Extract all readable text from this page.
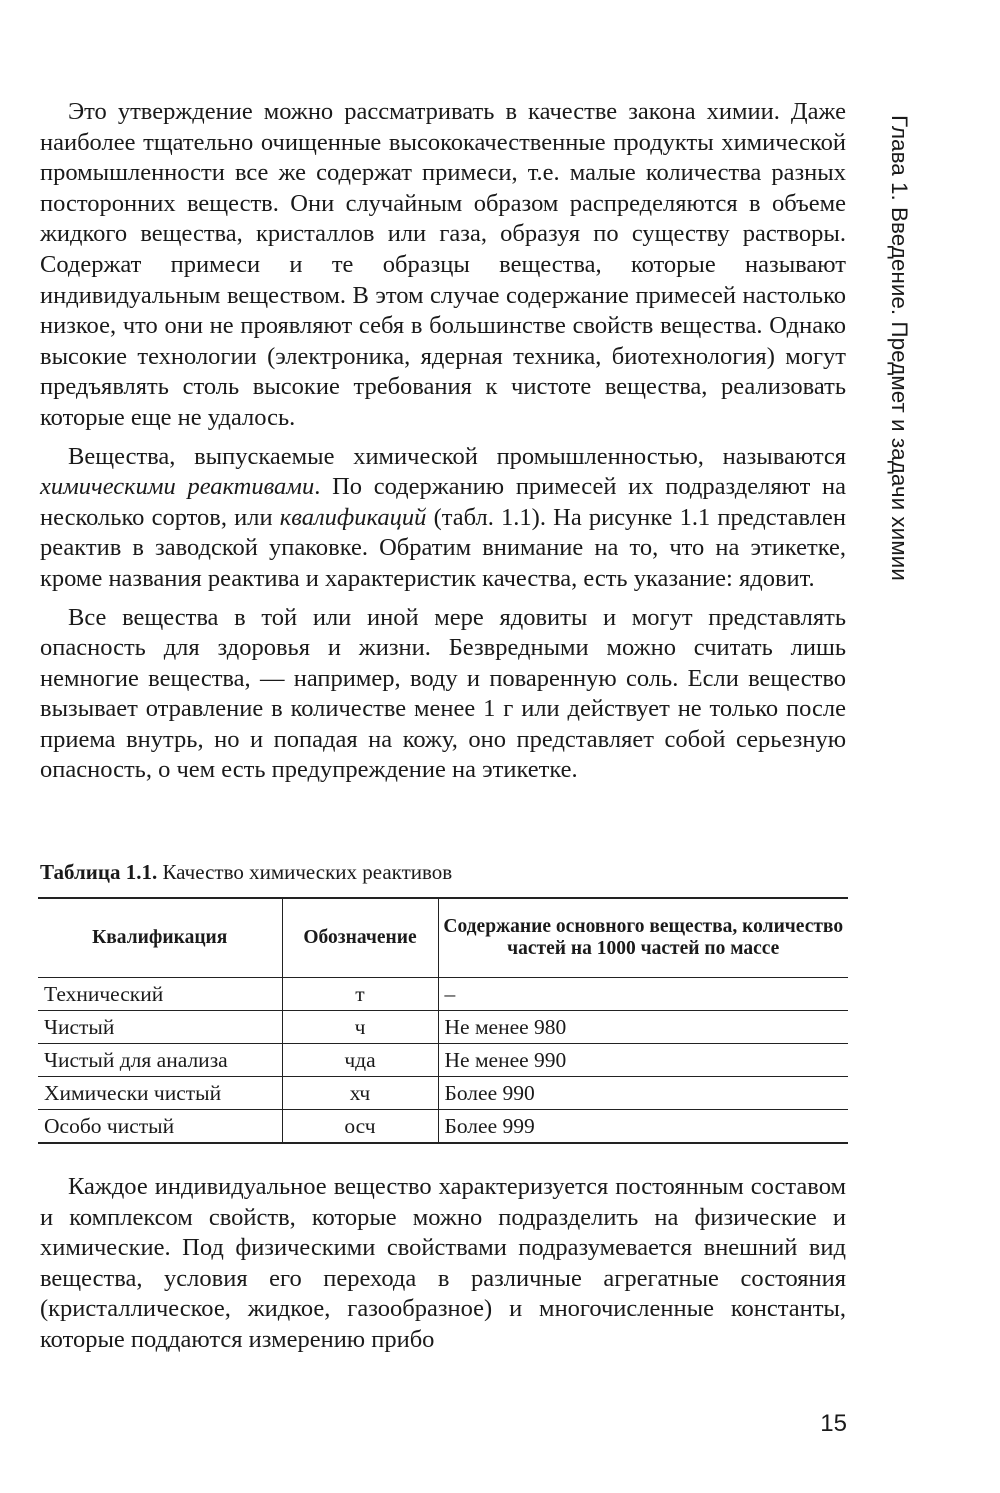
Глава 1. Введение. Предмет и задачи химии

Это утверждение можно рассматривать в качестве закона химии. Даже наиболее тщательно очищенные высококачественные продукты химической промышленности все же содержат примеси, т.е. малые количества разных посторонних веществ. Они случайным образом распределяются в объеме жидкого вещества, кристаллов или газа, образуя по существу растворы. Содержат примеси и те образцы вещества, которые называют индивидуальным веществом. В этом случае содержание примесей настолько низкое, что они не проявляют себя в большинстве свойств вещества. Однако высокие технологии (электроника, ядерная техника, биотехнология) могут предъявлять столь высокие требования к чистоте вещества, реализовать которые еще не удалось.

Вещества, выпускаемые химической промышленностью, называются химическими реактивами. По содержанию примесей их подразделяют на несколько сортов, или квалификаций (табл. 1.1). На рисунке 1.1 представлен реактив в заводской упаковке. Обратим внимание на то, что на этикетке, кроме названия реактива и характеристик качества, есть указание: ядовит.

Все вещества в той или иной мере ядовиты и могут представлять опасность для здоровья и жизни. Безвредными можно считать лишь немногие вещества, — например, воду и поваренную соль. Если вещество вызывает отравление в количестве менее 1 г или действует не только после приема внутрь, но и попадая на кожу, оно представляет собой серьезную опасность, о чем есть предупреждение на этикетке.

Таблица 1.1. Качество химических реактивов
Квалификация	Обозначение	Содержание основного вещества, количество частей на 1000 частей по массе
Технический	т	–
Чистый	ч	Не менее 980
Чистый для анализа	чда	Не менее 990
Химически чистый	хч	Более 990
Особо чистый	осч	Более 999

Каждое индивидуальное вещество характеризуется постоянным составом и комплексом свойств, которые можно подразделить на физические и химические. Под физическими свойствами подразумевается внешний вид вещества, условия его перехода в различные агрегатные состояния (кристаллическое, жидкое, газообразное) и многочисленные константы, которые поддаются измерению прибо

15
